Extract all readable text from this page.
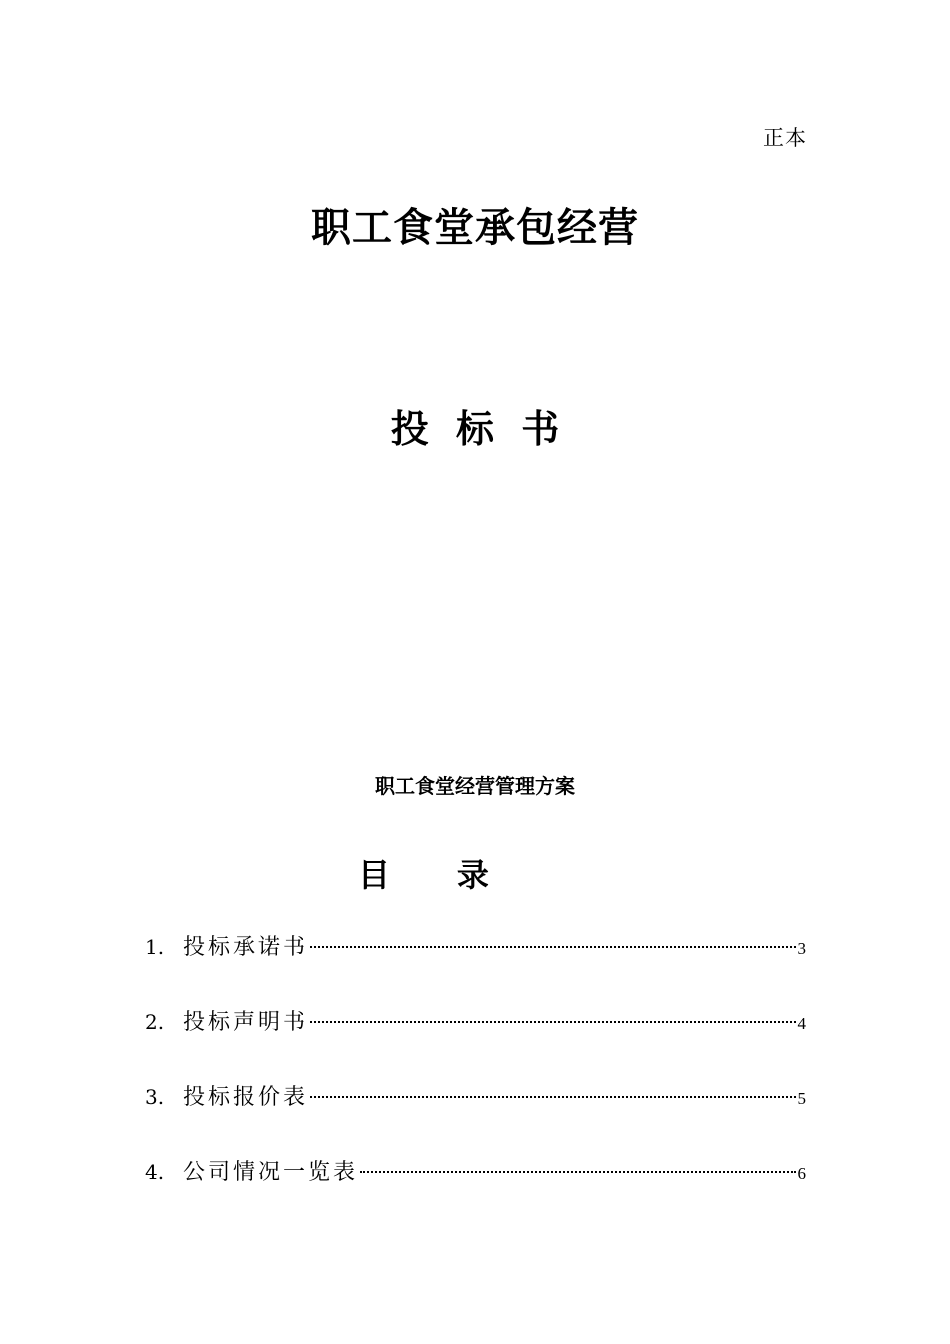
正本
职工食堂承包经营
投 标 书
职工食堂经营管理方案
目      录
1. 投标承诺书	3
2. 投标声明书	4
3. 投标报价表	5
4. 公司情况一览表	6
